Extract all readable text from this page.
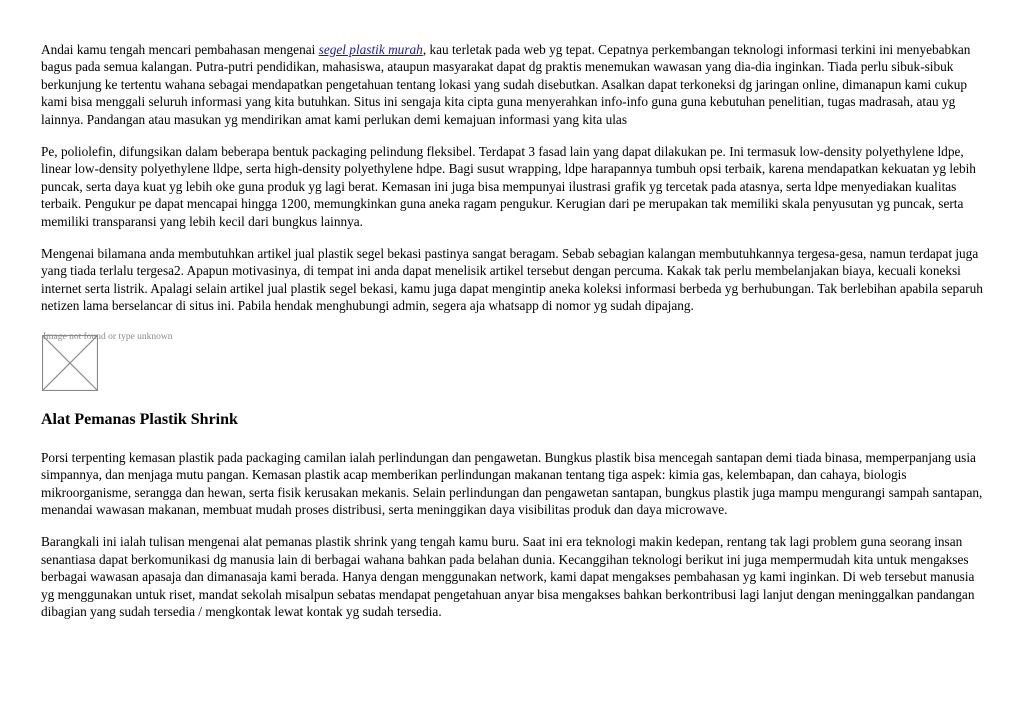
Andai kamu tengah mencari pembahasan mengenai segel plastik murah, kau terletak pada web yg tepat. Cepatnya perkembangan teknologi informasi terkini ini menyebabkan bagus pada semua kalangan. Putra-putri pendidikan, mahasiswa, ataupun masyarakat dapat dg praktis menemukan wawasan yang dia-dia inginkan. Tiada perlu sibuk-sibuk berkunjung ke tertentu wahana sebagai mendapatkan pengetahuan tentang lokasi yang sudah disebutkan. Asalkan dapat terkoneksi dg jaringan online, dimanapun kami cukup kami bisa menggali seluruh informasi yang kita butuhkan. Situs ini sengaja kita cipta guna menyerahkan info-info guna guna kebutuhan penelitian, tugas madrasah, atau yg lainnya. Pandangan atau masukan yg mendirikan amat kami perlukan demi kemajuan informasi yang kita ulas

Pe, poliolefin, difungsikan dalam beberapa bentuk packaging pelindung fleksibel. Terdapat 3 fasad lain yang dapat dilakukan pe. Ini termasuk low-density polyethylene ldpe, linear low-density polyethylene lldpe, serta high-density polyethylene hdpe. Bagi susut wrapping, ldpe harapannya tumbuh opsi terbaik, karena mendapatkan kekuatan yg lebih puncak, serta daya kuat yg lebih oke guna produk yg lagi berat. Kemasan ini juga bisa mempunyai ilustrasi grafik yg tercetak pada atasnya, serta ldpe menyediakan kualitas terbaik. Pengukur pe dapat mencapai hingga 1200, memungkinkan guna aneka ragam pengukur. Kerugian dari pe merupakan tak memiliki skala penyusutan yg puncak, serta memiliki transparansi yang lebih kecil dari bungkus lainnya.

Mengenai bilamana anda membutuhkan artikel jual plastik segel bekasi pastinya sangat beragam. Sebab sebagian kalangan membutuhkannya tergesa-gesa, namun terdapat juga yang tiada terlalu tergesa2. Apapun motivasinya, di tempat ini anda dapat menelisik artikel tersebut dengan percuma. Kakak tak perlu membelanjakan biaya, kecuali koneksi internet serta listrik. Apalagi selain artikel jual plastik segel bekasi, kamu juga dapat mengintip aneka koleksi informasi berbeda yg berhubungan. Tak berlebihan apabila separuh netizen lama berselancar di situs ini. Pabila hendak menghubungi admin, segera aja whatsapp di nomor yg sudah dipajang.

Image not found or type unknown
Alat Pemanas Plastik Shrink

Porsi terpenting kemasan plastik pada packaging camilan ialah perlindungan dan pengawetan. Bungkus plastik bisa mencegah santapan demi tiada binasa, memperpanjang usia simpannya, dan menjaga mutu pangan. Kemasan plastik acap memberikan perlindungan makanan tentang tiga aspek: kimia gas, kelembapan, dan cahaya, biologis mikroorganisme, serangga dan hewan, serta fisik kerusakan mekanis. Selain perlindungan dan pengawetan santapan, bungkus plastik juga mampu mengurangi sampah santapan, menandai wawasan makanan, membuat mudah proses distribusi, serta meninggikan daya visibilitas produk dan daya microwave.

Barangkali ini ialah tulisan mengenai alat pemanas plastik shrink yang tengah kamu buru. Saat ini era teknologi makin kedepan, rentang tak lagi problem guna seorang insan senantiasa dapat berkomunikasi dg manusia lain di berbagai wahana bahkan pada belahan dunia. Kecanggihan teknologi berikut ini juga mempermudah kita untuk mengakses berbagai wawasan apasaja dan dimanasaja kami berada. Hanya dengan menggunakan network, kami dapat mengakses pembahasan yg kami inginkan. Di web tersebut manusia yg menggunakan untuk riset, mandat sekolah misalpun sebatas mendapat pengetahuan anyar bisa mengakses bahkan berkontribusi lagi lanjut dengan meninggalkan pandangan dibagian yang sudah tersedia / mengkontak lewat kontak yg sudah tersedia.
